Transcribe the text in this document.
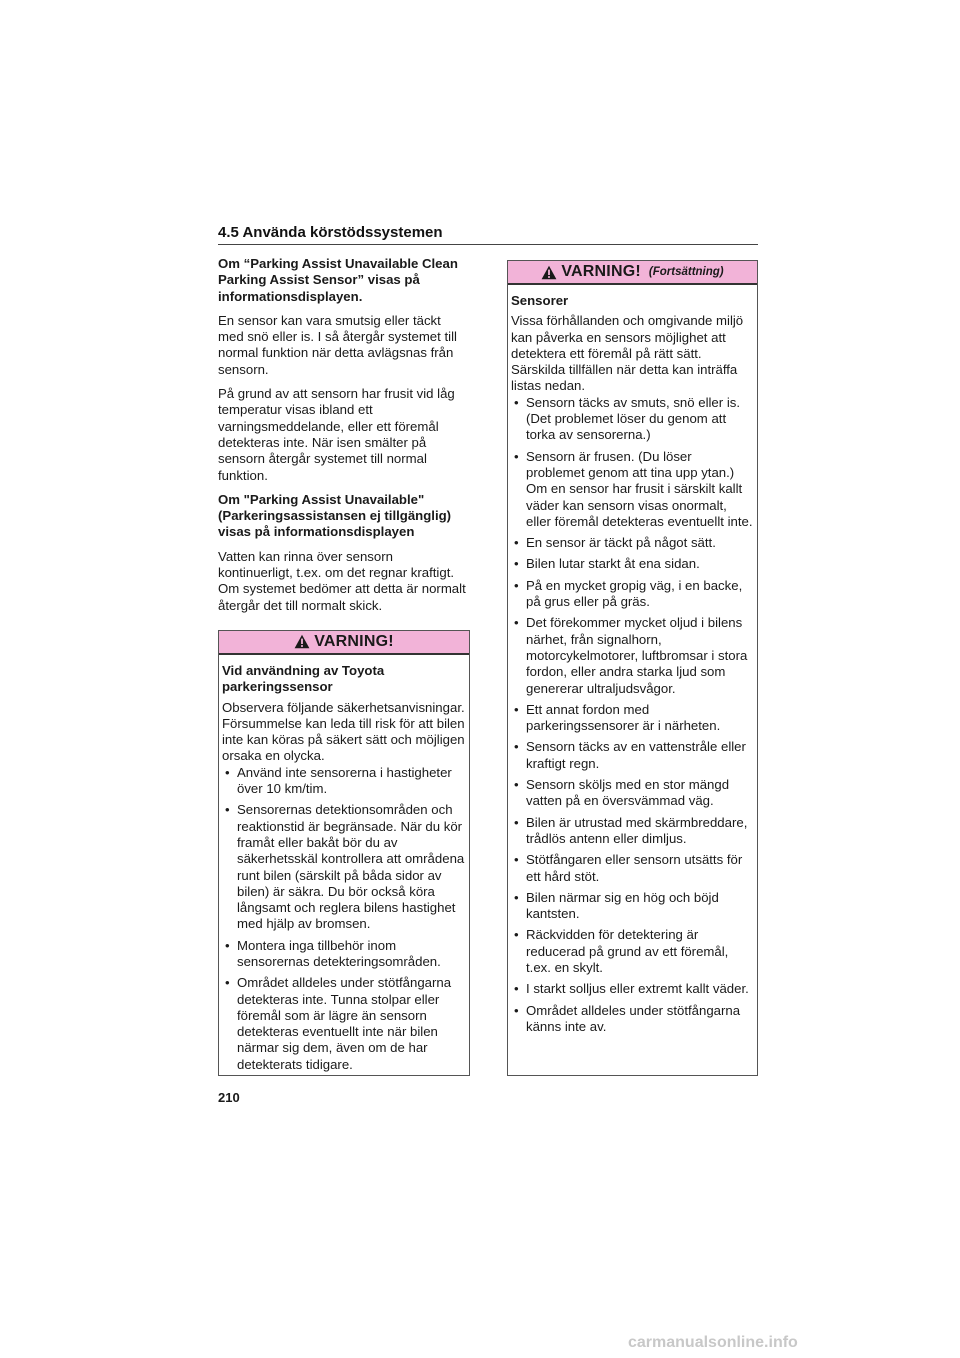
4.5 Använda körstödssystemen

Om “Parking Assist Unavailable Clean Parking Assist Sensor” visas på informationsdisplayen.

En sensor kan vara smutsig eller täckt med snö eller is. I så återgår systemet till normal funktion när detta avlägsnas från sensorn.

På grund av att sensorn har frusit vid låg temperatur visas ibland ett varningsmeddelande, eller ett föremål detekteras inte. När isen smälter på sensorn återgår systemet till normal funktion.

Om "Parking Assist Unavailable" (Parkeringsassistansen ej tillgänglig) visas på informationsdisplayen

Vatten kan rinna över sensorn kontinuerligt, t.ex. om det regnar kraftigt. Om systemet bedömer att detta är normalt återgår det till normalt skick.

VARNING!

Vid användning av Toyota parkeringssensor

Observera följande säkerhetsanvisningar. Försummelse kan leda till risk för att bilen inte kan köras på säkert sätt och möjligen orsaka en olycka.

• Använd inte sensorerna i hastigheter över 10 km/tim.
• Sensorernas detektionsområden och reaktionstid är begränsade. När du kör framåt eller bakåt bör du av säkerhetsskäl kontrollera att områdena runt bilen (särskilt på båda sidor av bilen) är säkra. Du bör också köra långsamt och reglera bilens hastighet med hjälp av bromsen.
• Montera inga tillbehör inom sensorernas detekteringsområden.
• Området alldeles under stötfångarna detekteras inte. Tunna stolpar eller föremål som är lägre än sensorn detekteras eventuellt inte när bilen närmar sig dem, även om de har detekterats tidigare.
VARNING! (Fortsättning)

Sensorer

Vissa förhållanden och omgivande miljö kan påverka en sensors möjlighet att detektera ett föremål på rätt sätt. Särskilda tillfällen när detta kan inträffa listas nedan.

• Sensorn täcks av smuts, snö eller is. (Det problemet löser du genom att torka av sensorerna.)
• Sensorn är frusen. (Du löser problemet genom att tina upp ytan.) Om en sensor har frusit i särskilt kallt väder kan sensorn visas onormalt, eller föremål detekteras eventuellt inte.
• En sensor är täckt på något sätt.
• Bilen lutar starkt åt ena sidan.
• På en mycket gropig väg, i en backe, på grus eller på gräs.
• Det förekommer mycket oljud i bilens närhet, från signalhorn, motorcykelmotorer, luftbromsar i stora fordon, eller andra starka ljud som genererar ultraljudsvågor.
• Ett annat fordon med parkeringssensorer är i närheten.
• Sensorn täcks av en vattenstråle eller kraftigt regn.
• Sensorn sköljs med en stor mängd vatten på en översvämmad väg.
• Bilen är utrustad med skärmbreddare, trådlös antenn eller dimljus.
• Stötfångaren eller sensorn utsätts för ett hård stöt.
• Bilen närmar sig en hög och böjd kantsten.
• Räckvidden för detektering är reducerad på grund av ett föremål, t.ex. en skylt.
• I starkt solljus eller extremt kallt väder.
• Området alldeles under stötfångarna känns inte av.
210
carmanualsonline.info
